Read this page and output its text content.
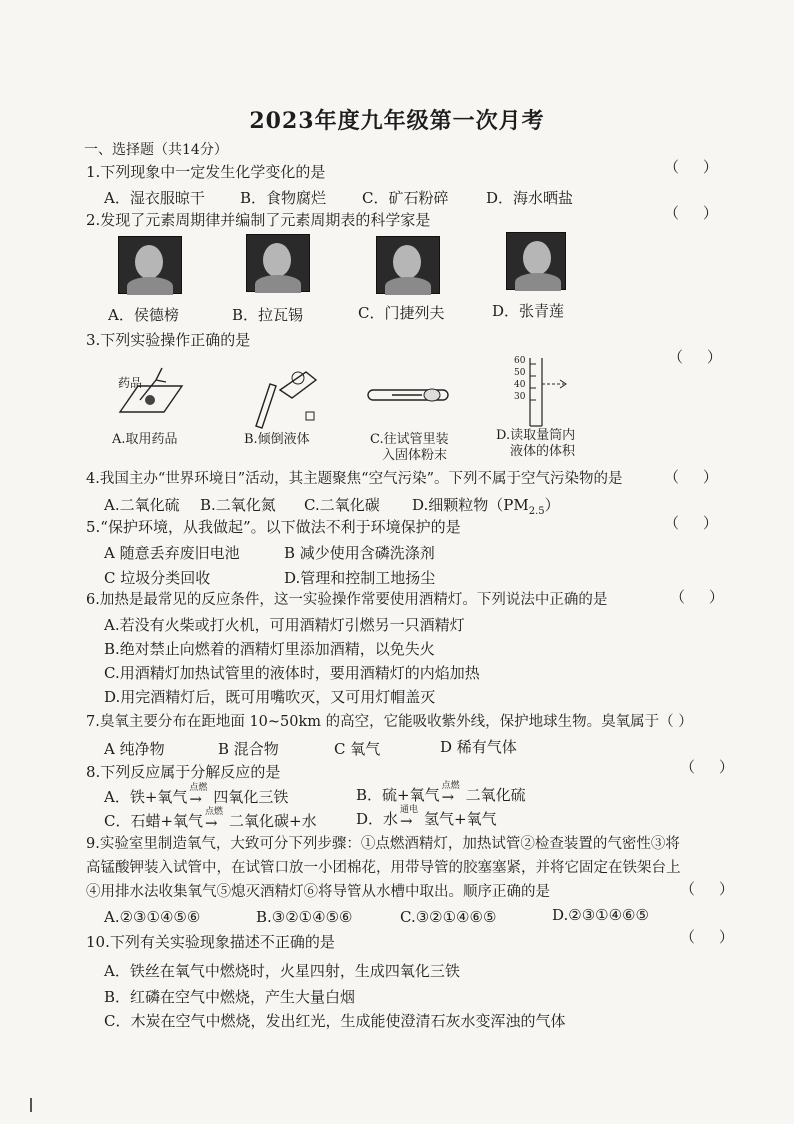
2023年度九年级第一次月考
一、选择题（共14分）
1.下列现象中一定发生化学变化的是	（     ）
A．湿衣服晾干 B．食物腐烂 C．矿石粉碎	D．海水晒盐
2.发现了元素周期律并编制了元素周期表的科学家是	（     ）
A．侯德榜	B．拉瓦锡	C．门捷列夫	D．张青莲
3.下列实验操作正确的是
（     ）
药品
60
50
40
30
A.取用药品	B.倾倒液体	C.往试管里装
入固体粉末
D.读取量筒内
液体的体积
4.我国主办“世界环境日”活动，其主题聚焦“空气污染”。下列不属于空气污染物的是	（     ）
A.二氧化硫 B.二氧化氮 C.二氧化碳 D.细颗粒物$(PM_{2.5})$
5.“保护环境，从我做起”。以下做法不利于环境保护的是	（     ）
A 随意丢弃废旧电池	B 减少使用含磷洗涤剂
C 垃圾分类回收	D.管理和控制工地扬尘
6.加热是最常见的反应条件，这一实验操作常要使用酒精灯。下列说法中正确的是	（     ）
A.若没有火柴或打火机，可用酒精灯引燃另一只酒精灯
B.绝对禁止向燃着的酒精灯里添加酒精，以免失火
C.用酒精灯加热试管里的液体时，要用酒精灯的内焰加热
D.用完酒精灯后，既可用嘴吹灭，又可用灯帽盖灭
7.臭氧主要分布在距地面 10~50km 的高空，它能吸收紫外线，保护地球生物。臭氧属于（ ）
A 纯净物	B 混合物	C 氧气	D 稀有气体
8.下列反应属于分解反应的是	（     ）
A．铁+氧气 点燃
→ 四氧化三铁	B．硫+氧气 点燃
→ 二氧化硫
C．石蜡+氧气 点燃
→ 二氧化碳+水	D．水 通电
→ 氢气+氧气
9.实验室里制造氧气，大致可分下列步骤：①点燃酒精灯，加热试管②检查装置的气密性③将
高锰酸钾装入试管中，在试管口放一小团棉花，用带导管的胶塞塞紧，并将它固定在铁架台上
④用排水法收集氧气⑤熄灭酒精灯⑥将导管从水槽中取出。顺序正确的是	（     ）
A.②③①④⑤⑥	B.③②①④⑤⑥	C.③②①④⑥⑤	D.②③①④⑥⑤
10.下列有关实验现象描述不正确的是	（     ）
A．铁丝在氧气中燃烧时，火星四射，生成四氧化三铁
B．红磷在空气中燃烧，产生大量白烟
C．木炭在空气中燃烧，发出红光，生成能使澄清石灰水变浑浊的气体
